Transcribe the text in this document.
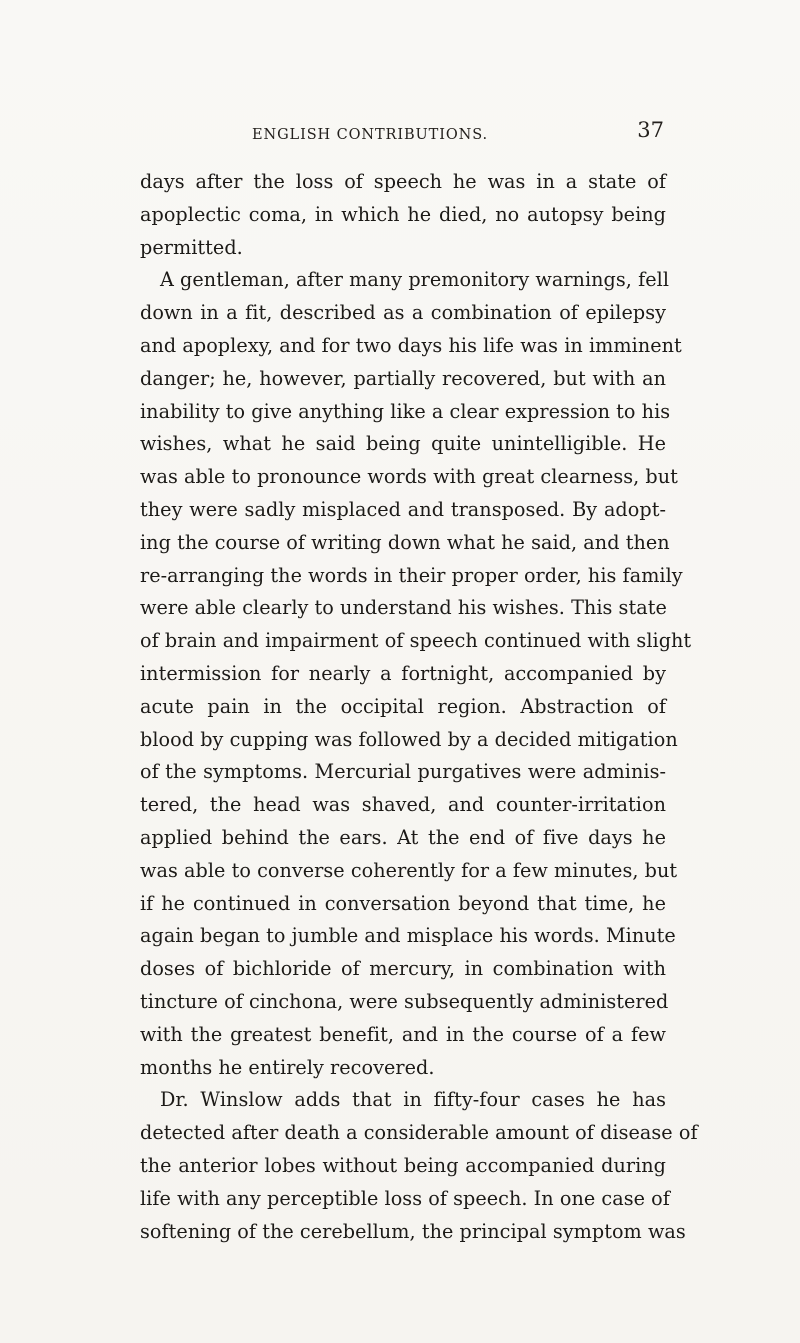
ENGLISH CONTRIBUTIONS.	37
days after the loss of speech he was in a state of
apoplectic coma, in which he died, no autopsy being
permitted.
A gentleman, after many premonitory warnings, fell
down in a fit, described as a combination of epilepsy
and apoplexy, and for two days his life was in imminent
danger; he, however, partially recovered, but with an
inability to give anything like a clear expression to his
wishes, what he said being quite unintelligible. He
was able to pronounce words with great clearness, but
they were sadly misplaced and transposed. By adopt-
ing the course of writing down what he said, and then
re-arranging the words in their proper order, his family
were able clearly to understand his wishes. This state
of brain and impairment of speech continued with slight
intermission for nearly a fortnight, accompanied by
acute pain in the occipital region. Abstraction of
blood by cupping was followed by a decided mitigation
of the symptoms. Mercurial purgatives were adminis-
tered, the head was shaved, and counter-irritation
applied behind the ears. At the end of five days he
was able to converse coherently for a few minutes, but
if he continued in conversation beyond that time, he
again began to jumble and misplace his words. Minute
doses of bichloride of mercury, in combination with
tincture of cinchona, were subsequently administered
with the greatest benefit, and in the course of a few
months he entirely recovered.
Dr. Winslow adds that in fifty-four cases he has
detected after death a considerable amount of disease of
the anterior lobes without being accompanied during
life with any perceptible loss of speech. In one case of
softening of the cerebellum, the principal symptom was
